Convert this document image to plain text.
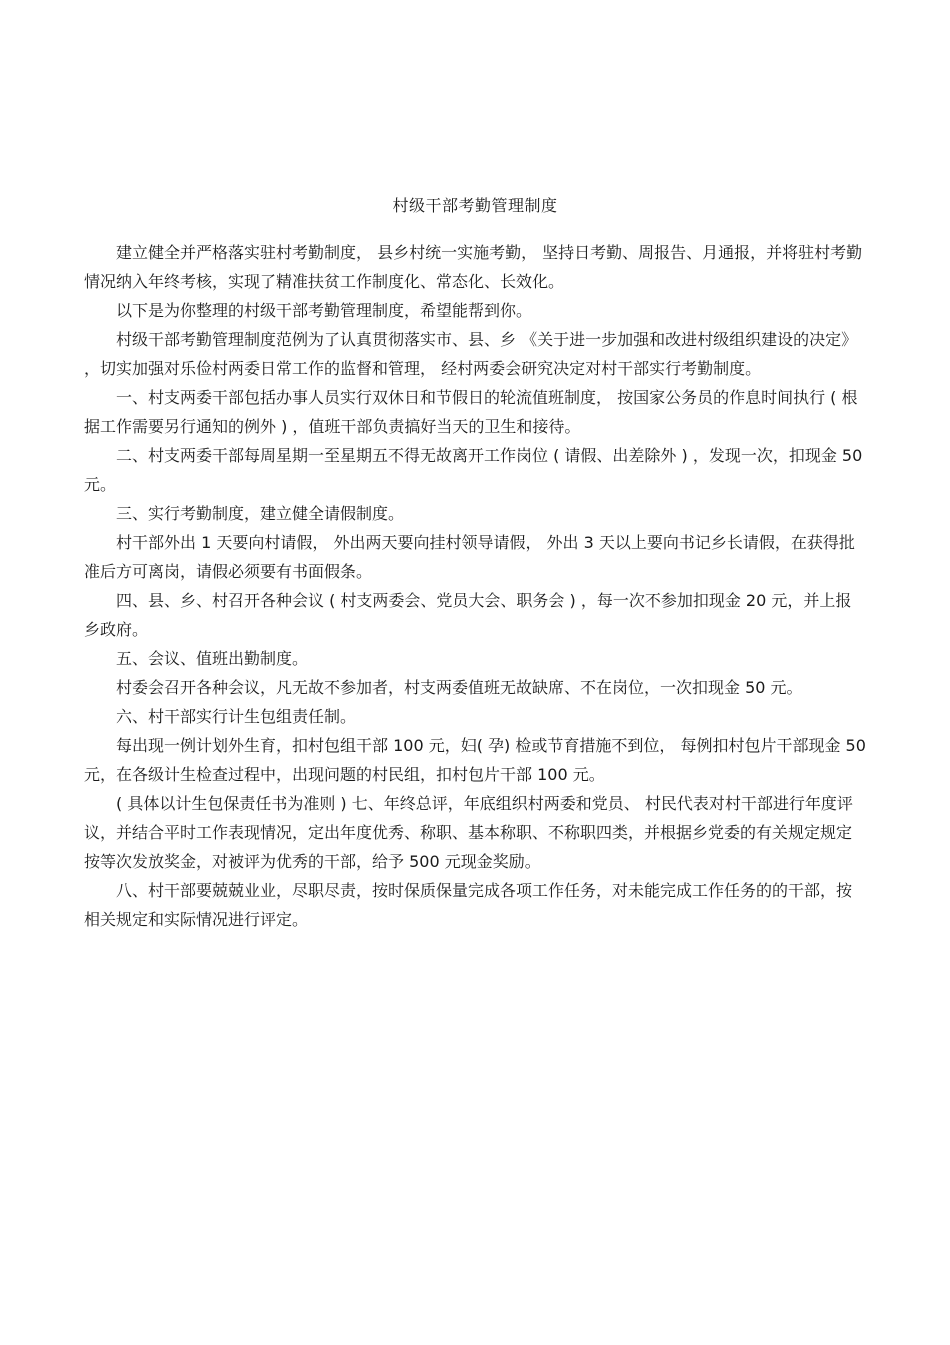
村级干部考勤管理制度

建立健全并严格落实驻村考勤制度， 县乡村统一实施考勤， 坚持日考勤、周报告、月通报，并将驻村考勤情况纳入年终考核，实现了精准扶贫工作制度化、常态化、长效化。

以下是为你整理的村级干部考勤管理制度，希望能帮到你。

村级干部考勤管理制度范例为了认真贯彻落实市、县、乡 《关于进一步加强和改进村级组织建设的决定》 ，切实加强对乐俭村两委日常工作的监督和管理， 经村两委会研究决定对村干部实行考勤制度。

一、村支两委干部包括办事人员实行双休日和节假日的轮流值班制度， 按国家公务员的作息时间执行 ( 根据工作需要另行通知的例外 ) ，值班干部负责搞好当天的卫生和接待。

二、村支两委干部每周星期一至星期五不得无故离开工作岗位 ( 请假、出差除外 ) ，发现一次，扣现金 50 元。

三、实行考勤制度，建立健全请假制度。

村干部外出 1 天要向村请假， 外出两天要向挂村领导请假， 外出 3 天以上要向书记乡长请假，在获得批准后方可离岗，请假必须要有书面假条。

四、县、乡、村召开各种会议 ( 村支两委会、党员大会、职务会 ) ，每一次不参加扣现金 20 元，并上报乡政府。

五、会议、值班出勤制度。

村委会召开各种会议，凡无故不参加者，村支两委值班无故缺席、不在岗位，一次扣现金 50 元。

六、村干部实行计生包组责任制。

每出现一例计划外生育，扣村包组干部 100 元，妇( 孕) 检或节育措施不到位， 每例扣村包片干部现金 50 元，在各级计生检查过程中，出现问题的村民组，扣村包片干部 100 元。

( 具体以计生包保责任书为准则 ) 七、年终总评，年底组织村两委和党员、 村民代表对村干部进行年度评议，并结合平时工作表现情况，定出年度优秀、称职、基本称职、不称职四类，并根据乡党委的有关规定规定按等次发放奖金，对被评为优秀的干部，给予 500 元现金奖励。

八、村干部要兢兢业业，尽职尽责，按时保质保量完成各项工作任务，对未能完成工作任务的的干部，按相关规定和实际情况进行评定。
